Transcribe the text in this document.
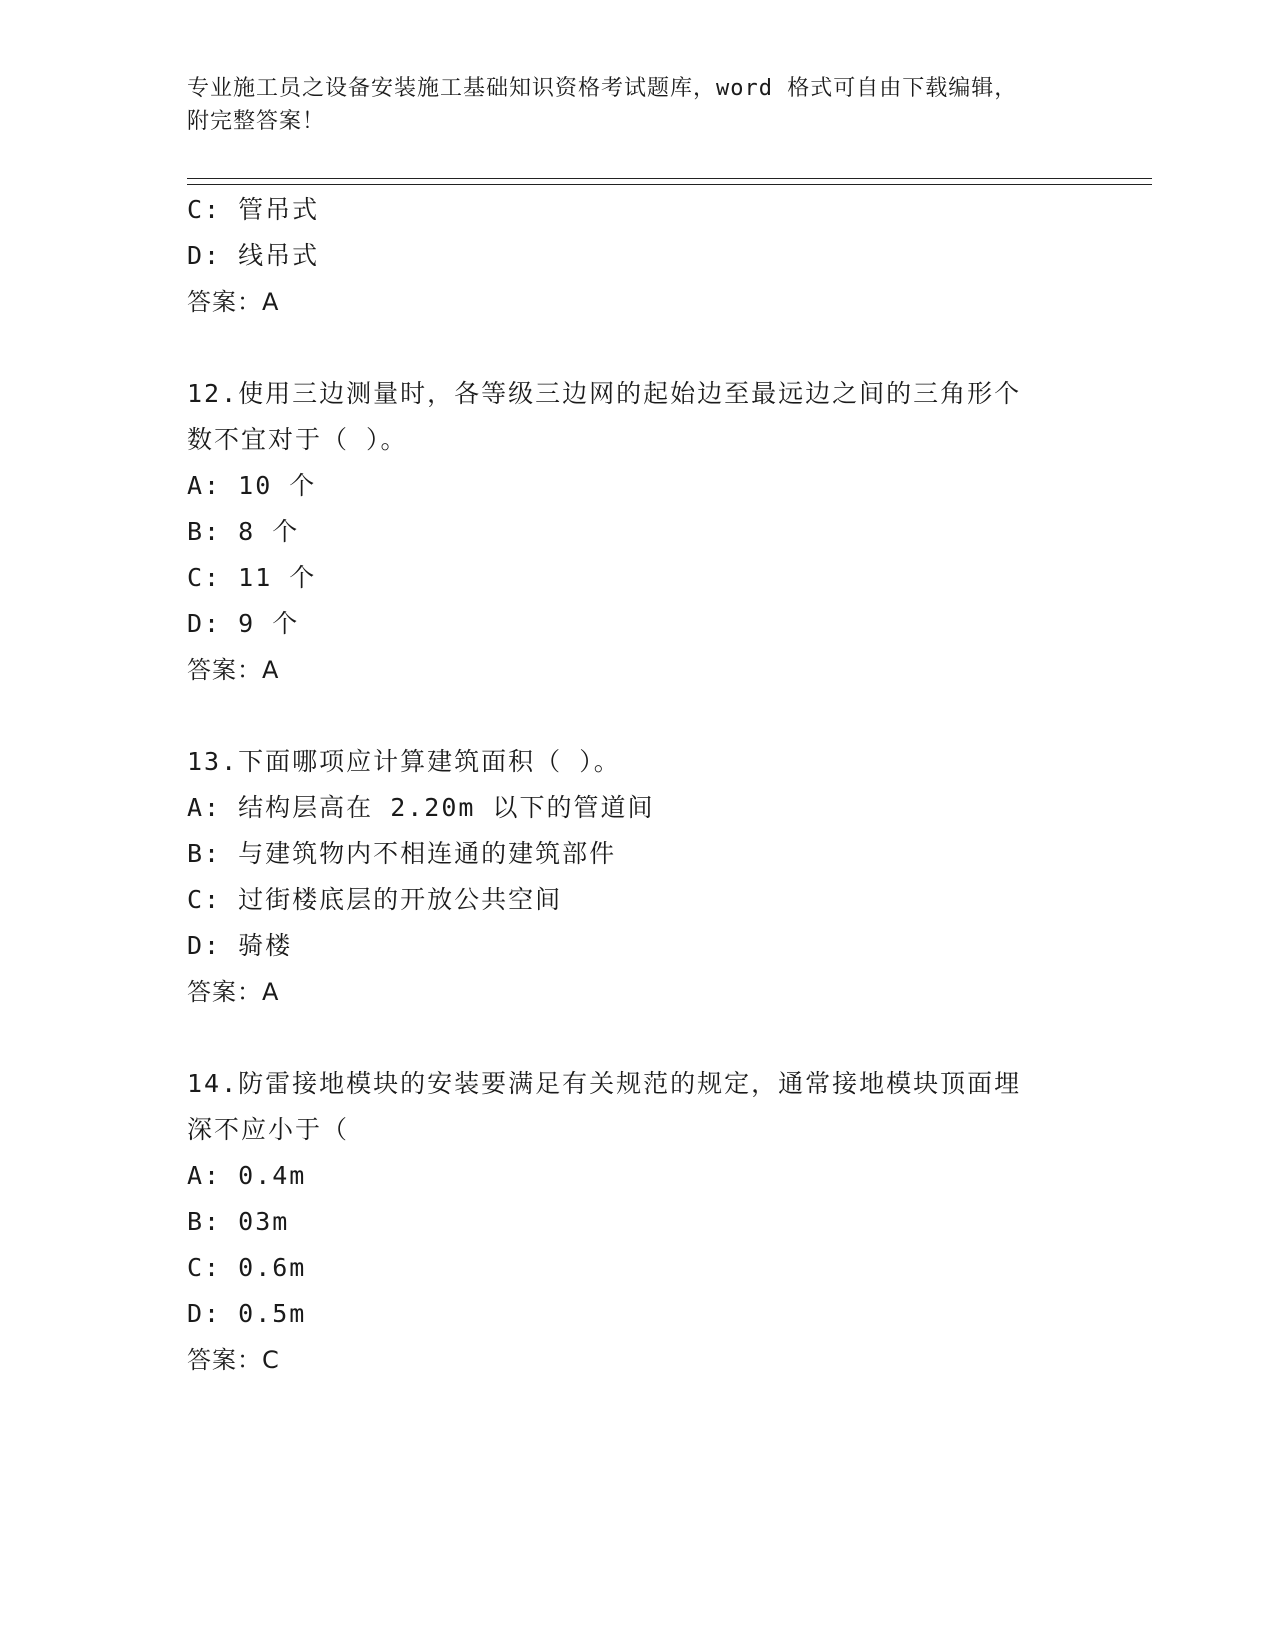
专业施工员之设备安装施工基础知识资格考试题库，word 格式可自由下载编辑，
附完整答案！
C: 管吊式
D: 线吊式
答案：A
12.使用三边测量时，各等级三边网的起始边至最远边之间的三角形个
数不宜对于（ ）。
A: 10 个
B: 8 个
C: 11 个
D: 9 个
答案：A
13.下面哪项应计算建筑面积（ ）。
A: 结构层高在 2.20m 以下的管道间
B: 与建筑物内不相连通的建筑部件
C: 过街楼底层的开放公共空间
D: 骑楼
答案：A
14.防雷接地模块的安装要满足有关规范的规定，通常接地模块顶面埋
深不应小于（
A: 0.4m
B: 03m
C: 0.6m
D: 0.5m
答案：C
